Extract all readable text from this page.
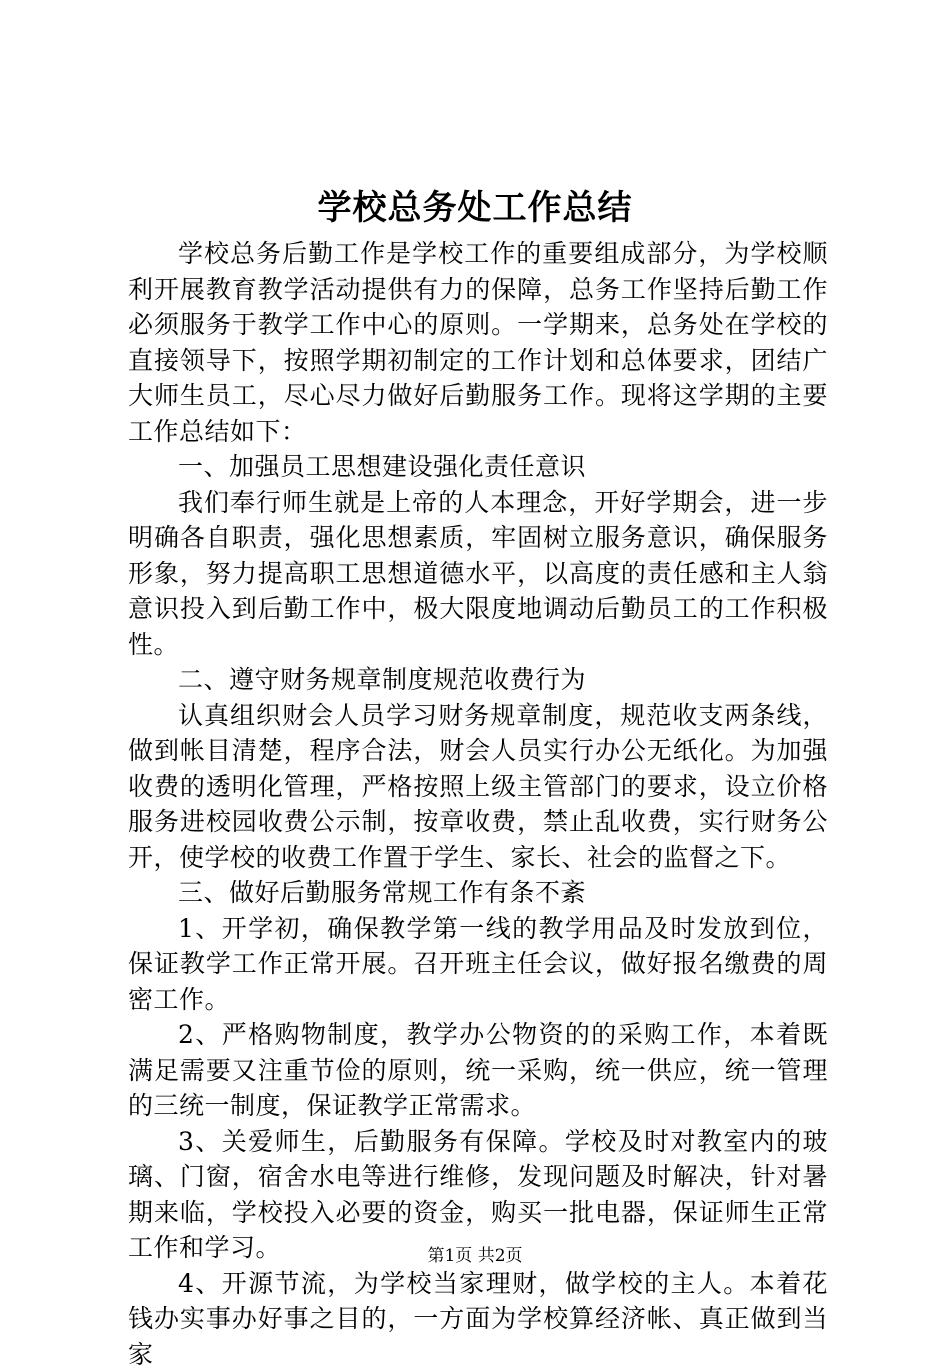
学校总务处工作总结

学校总务后勤工作是学校工作的重要组成部分，为学校顺利开展教育教学活动提供有力的保障，总务工作坚持后勤工作必须服务于教学工作中心的原则。一学期来，总务处在学校的直接领导下，按照学期初制定的工作计划和总体要求，团结广大师生员工，尽心尽力做好后勤服务工作。现将这学期的主要工作总结如下：

一、加强员工思想建设强化责任意识

我们奉行师生就是上帝的人本理念，开好学期会，进一步明确各自职责，强化思想素质，牢固树立服务意识，确保服务形象，努力提高职工思想道德水平，以高度的责任感和主人翁意识投入到后勤工作中，极大限度地调动后勤员工的工作积极性。

二、遵守财务规章制度规范收费行为

认真组织财会人员学习财务规章制度，规范收支两条线，做到帐目清楚，程序合法，财会人员实行办公无纸化。为加强收费的透明化管理，严格按照上级主管部门的要求，设立价格服务进校园收费公示制，按章收费，禁止乱收费，实行财务公开，使学校的收费工作置于学生、家长、社会的监督之下。

三、做好后勤服务常规工作有条不紊

1、开学初，确保教学第一线的教学用品及时发放到位，保证教学工作正常开展。召开班主任会议，做好报名缴费的周密工作。

2、严格购物制度，教学办公物资的的采购工作，本着既满足需要又注重节俭的原则，统一采购，统一供应，统一管理的三统一制度，保证教学正常需求。

3、关爱师生，后勤服务有保障。学校及时对教室内的玻璃、门窗，宿舍水电等进行维修，发现问题及时解决，针对暑期来临，学校投入必要的资金，购买一批电器，保证师生正常工作和学习。

4、开源节流，为学校当家理财，做学校的主人。本着花钱办实事办好事之目的，一方面为学校算经济帐、真正做到当家

第1页 共2页
